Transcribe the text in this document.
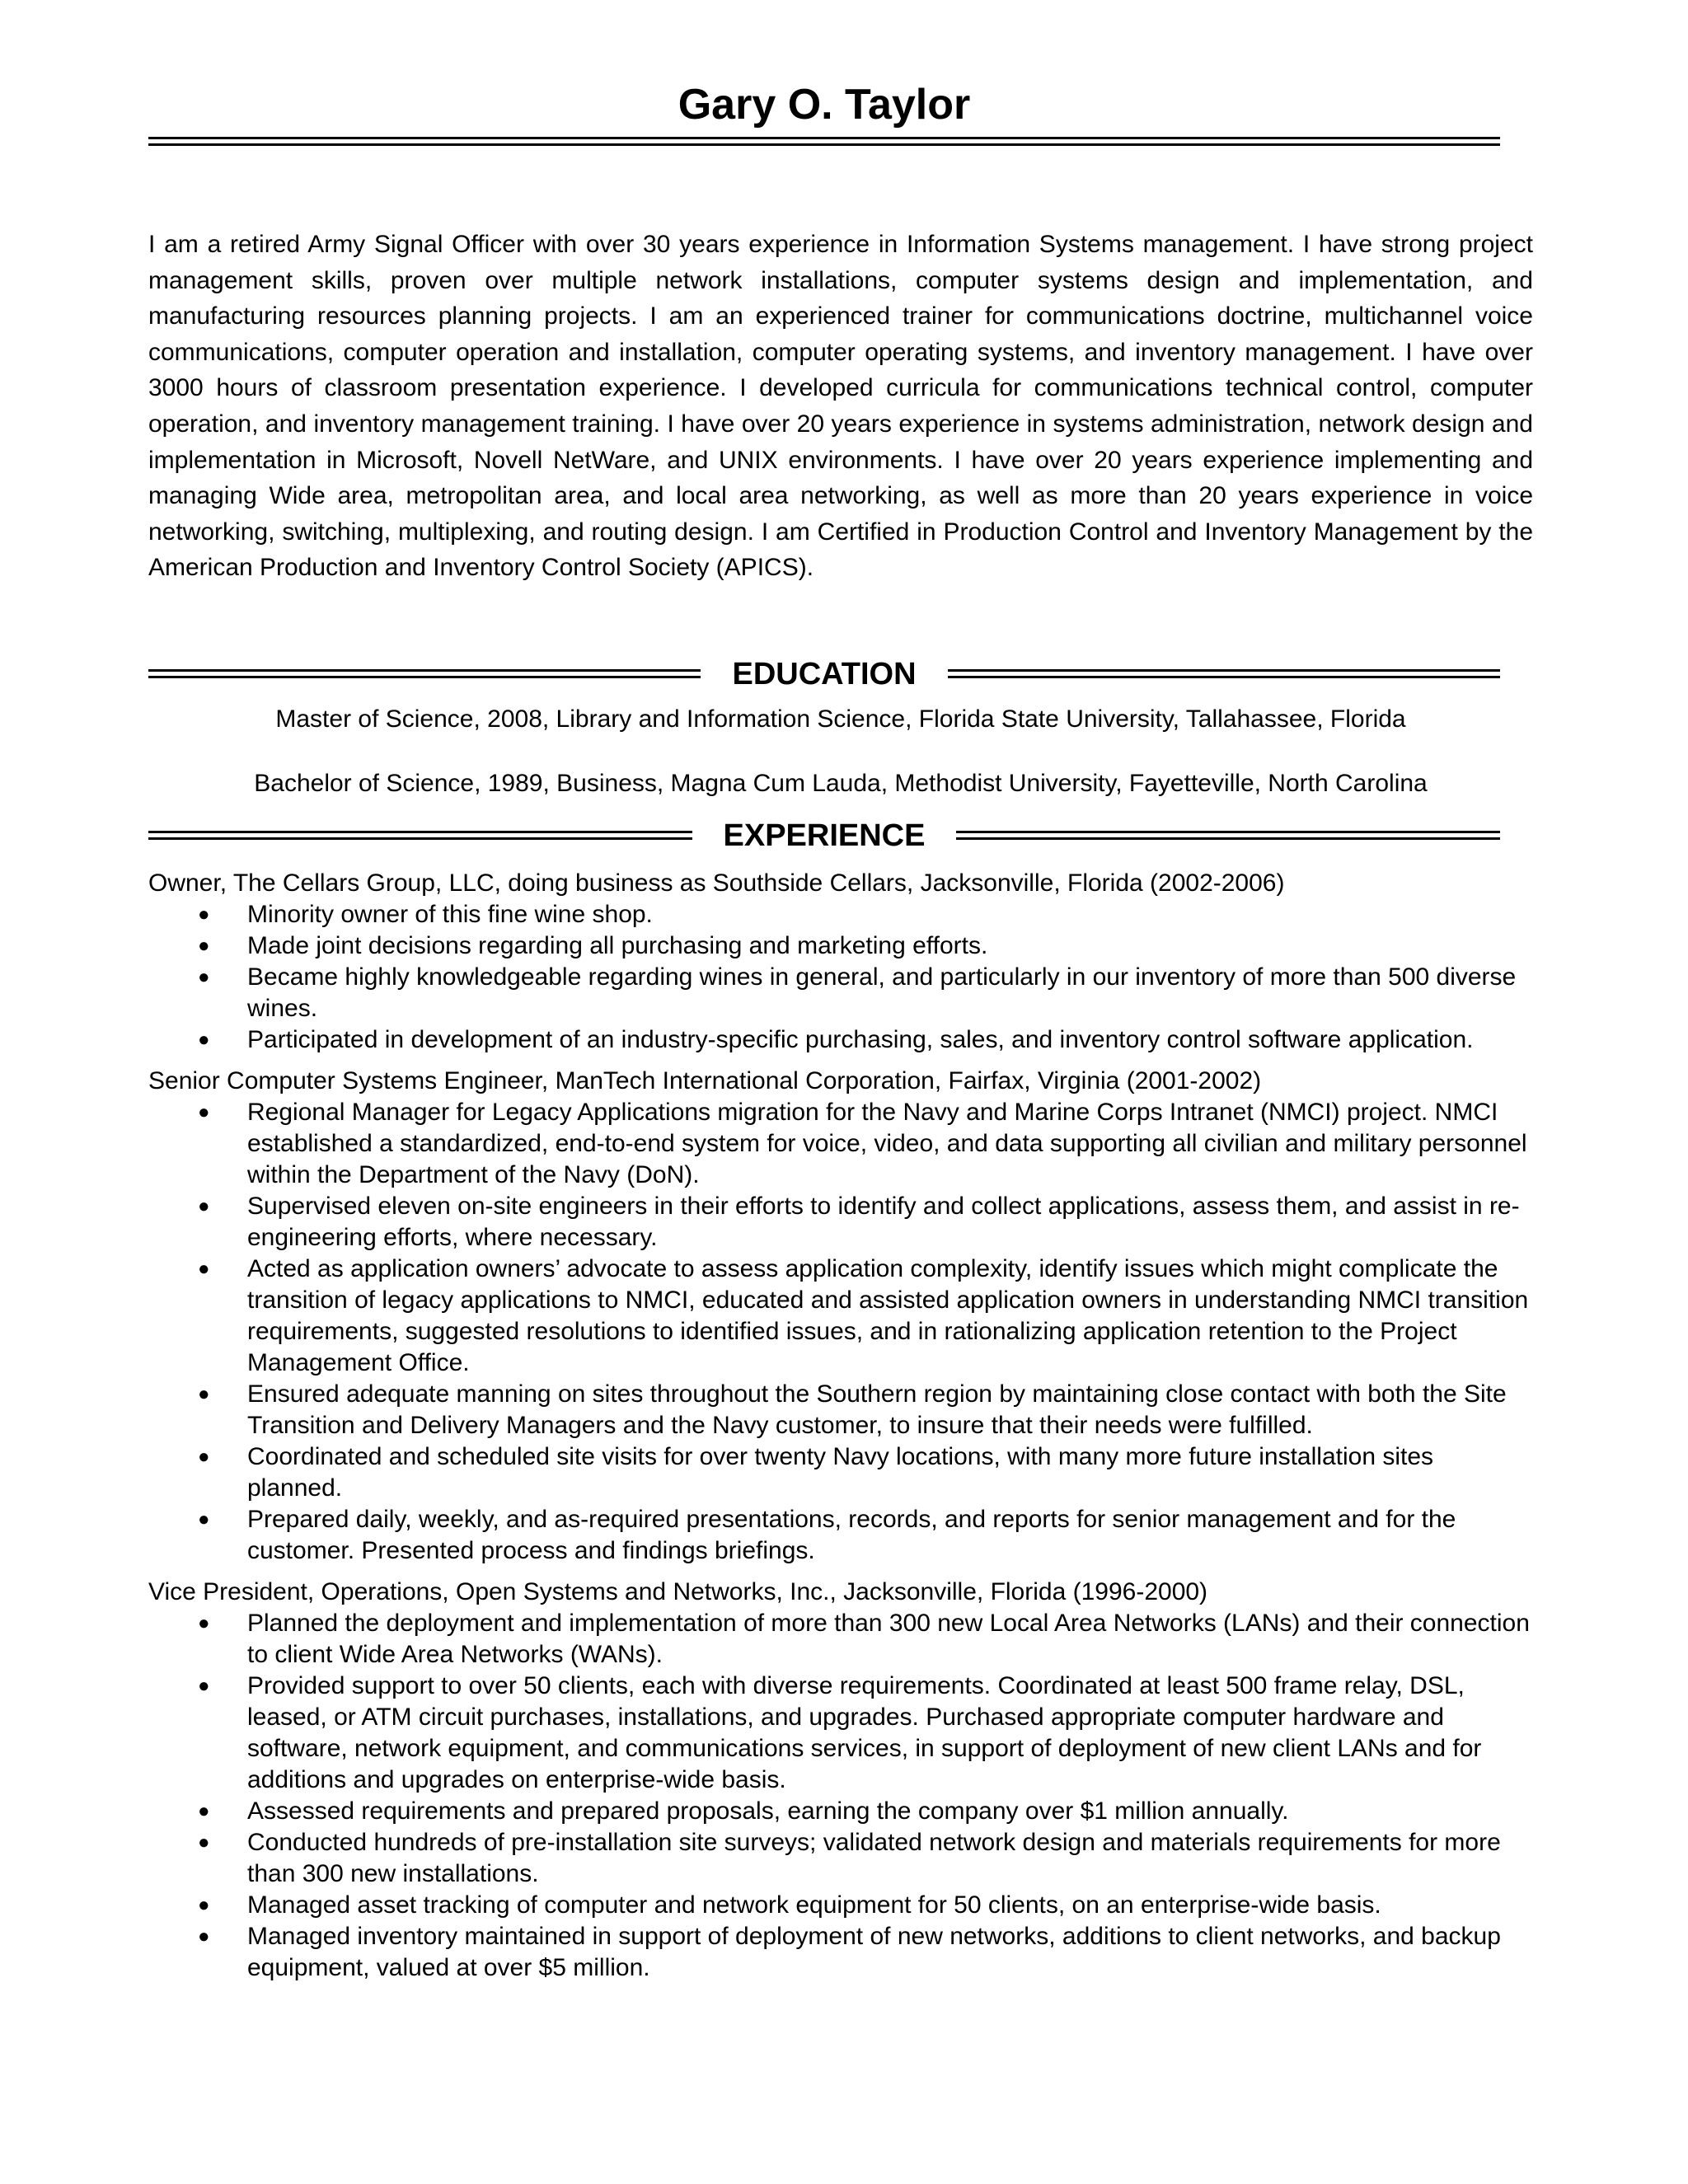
Gary O. Taylor

I am a retired Army Signal Officer with over 30 years experience in Information Systems management. I have strong project management skills, proven over multiple network installations, computer systems design and implementation, and manufacturing resources planning projects. I am an experienced trainer for communications doctrine, multichannel voice communications, computer operation and installation, computer operating systems, and inventory management. I have over 3000 hours of classroom presentation experience. I developed curricula for communications technical control, computer operation, and inventory management training. I have over 20 years experience in systems administration, network design and implementation in Microsoft, Novell NetWare, and UNIX environments. I have over 20 years experience implementing and managing Wide area, metropolitan area, and local area networking, as well as more than 20 years experience in voice networking, switching, multiplexing, and routing design. I am Certified in Production Control and Inventory Management by the American Production and Inventory Control Society (APICS).

EDUCATION

Master of Science, 2008, Library and Information Science, Florida State University, Tallahassee, Florida

Bachelor of Science, 1989, Business, Magna Cum Lauda, Methodist University, Fayetteville, North Carolina

EXPERIENCE

Owner, The Cellars Group, LLC, doing business as Southside Cellars, Jacksonville, Florida (2002-2006)

● Minority owner of this fine wine shop.
● Made joint decisions regarding all purchasing and marketing efforts.
● Became highly knowledgeable regarding wines in general, and particularly in our inventory of more than 500 diverse wines.
● Participated in development of an industry-specific purchasing, sales, and inventory control software application.

Senior Computer Systems Engineer, ManTech International Corporation, Fairfax, Virginia (2001-2002)

● Regional Manager for Legacy Applications migration for the Navy and Marine Corps Intranet (NMCI) project. NMCI established a standardized, end-to-end system for voice, video, and data supporting all civilian and military personnel within the Department of the Navy (DoN).
● Supervised eleven on-site engineers in their efforts to identify and collect applications, assess them, and assist in re-engineering efforts, where necessary.
● Acted as application owners’ advocate to assess application complexity, identify issues which might complicate the transition of legacy applications to NMCI, educated and assisted application owners in understanding NMCI transition requirements, suggested resolutions to identified issues, and in rationalizing application retention to the Project Management Office.
● Ensured adequate manning on sites throughout the Southern region by maintaining close contact with both the Site Transition and Delivery Managers and the Navy customer, to insure that their needs were fulfilled.
● Coordinated and scheduled site visits for over twenty Navy locations, with many more future installation sites planned.
● Prepared daily, weekly, and as-required presentations, records, and reports for senior management and for the customer. Presented process and findings briefings.

Vice President, Operations, Open Systems and Networks, Inc., Jacksonville, Florida (1996-2000)

● Planned the deployment and implementation of more than 300 new Local Area Networks (LANs) and their connection to client Wide Area Networks (WANs).
● Provided support to over 50 clients, each with diverse requirements. Coordinated at least 500 frame relay, DSL, leased, or ATM circuit purchases, installations, and upgrades. Purchased appropriate computer hardware and software, network equipment, and communications services, in support of deployment of new client LANs and for additions and upgrades on enterprise-wide basis.
● Assessed requirements and prepared proposals, earning the company over $1 million annually.
● Conducted hundreds of pre-installation site surveys; validated network design and materials requirements for more than 300 new installations.
● Managed asset tracking of computer and network equipment for 50 clients, on an enterprise-wide basis.
● Managed inventory maintained in support of deployment of new networks, additions to client networks, and backup equipment, valued at over $5 million.
